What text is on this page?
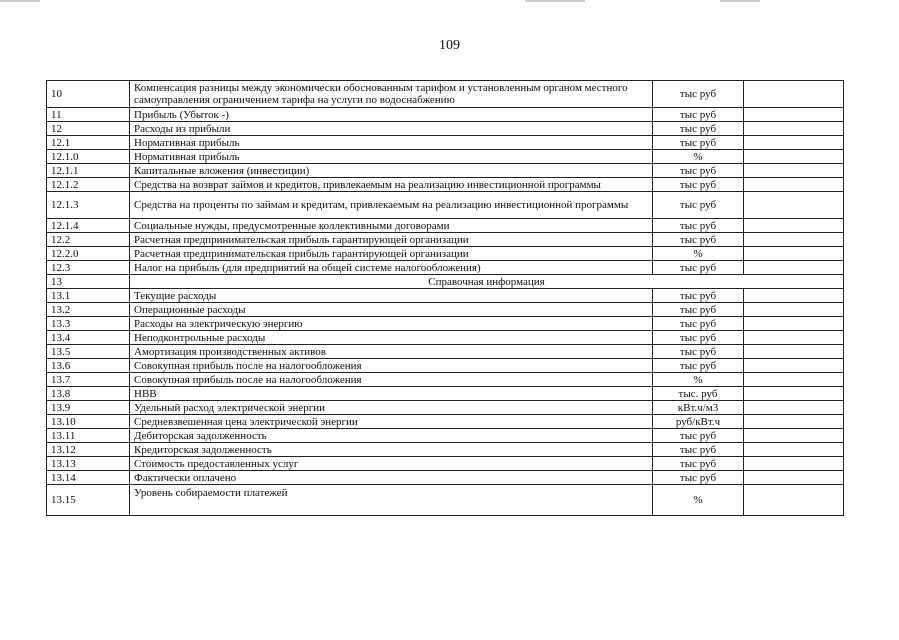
109
10	Компенсация разницы между экономически обоснованным тарифом и установленным органом местного самоуправления ограничением тарифа на услуги по водоснабжению	тыс руб	
11	Прибыль (Убыток -)	тыс руб	
12	Расходы из прибыли	тыс руб	
12.1	Нормативная прибыль	тыс руб	
12.1.0	Нормативная прибыль	%	
12.1.1	Капитальные вложения (инвестиции)	тыс руб	
12.1.2	Средства на возврат займов и кредитов, привлекаемым на реализацию инвестиционной программы	тыс руб	
12.1.3	Средства на проценты по займам и кредитам, привлекаемым на реализацию инвестиционной программы	тыс руб	
12.1.4	Социальные нужды, предусмотренные коллективными договорами	тыс руб	
12.2	Расчетная предпринимательская прибыль гарантирующей организации	тыс руб	
12.2.0	Расчетная предпринимательская прибыль гарантирующей организации	%	
12.3	Налог на прибыль (для предприятий на общей системе налогообложения)	тыс руб	
13	Справочная информация		
13.1	Текущие расходы	тыс руб	
13.2	Операционные расходы	тыс руб	
13.3	Расходы на электрическую энергию	тыс руб	
13.4	Неподконтрольные расходы	тыс руб	
13.5	Амортизация производственных активов	тыс руб	
13.6	Совокупная прибыль после на налогообложения	тыс руб	
13.7	Совокупная прибыль после на налогообложения	%	
13.8	НВВ	тыс. руб	
13.9	Удельный расход электрической энергии	кВт.ч/м3	
13.10	Средневзвешенная цена электрической энергии	руб/кВт.ч	
13.11	Дебиторская задолженность	тыс руб	
13.12	Кредиторская задолженность	тыс руб	
13.13	Стоимость предоставленных услуг	тыс руб	
13.14	Фактически оплачено	тыс руб	
13.15	Уровень собираемости платежей	%	
